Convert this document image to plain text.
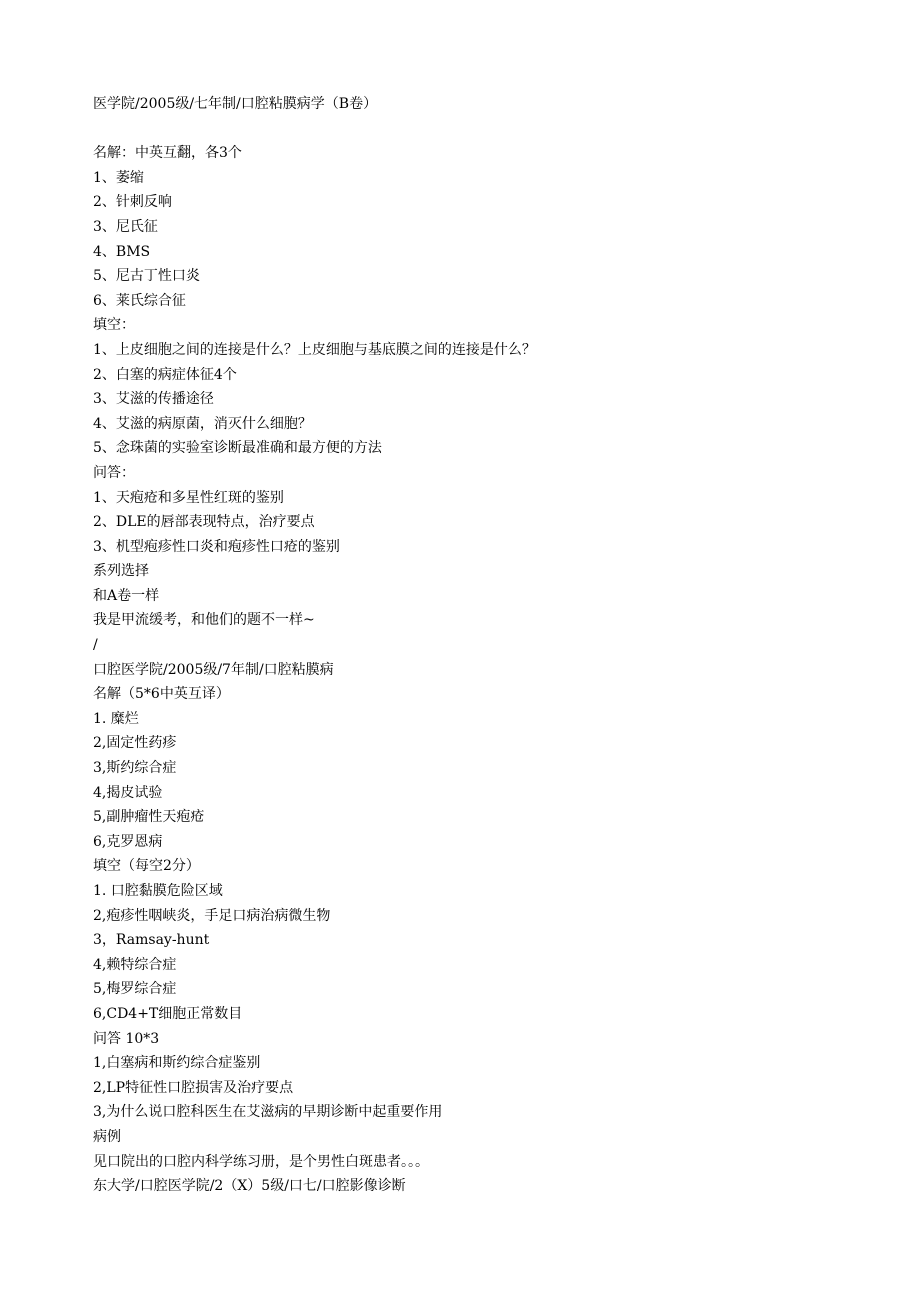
医学院/2005级/七年制/口腔粘膜病学（B卷）

名解：中英互翻，各3个

1、萎缩

2、针刺反响

3、尼氏征

4、BMS

5、尼古丁性口炎

6、莱氏综合征

填空：

1、上皮细胞之间的连接是什么？上皮细胞与基底膜之间的连接是什么？

2、白塞的病症体征4个

3、艾滋的传播途径

4、艾滋的病原菌，消灭什么细胞？

5、念珠菌的实验室诊断最准确和最方便的方法

问答：

1、天疱疮和多星性红斑的鉴别

2、DLE的唇部表现特点，治疗要点

3、机型疱疹性口炎和疱疹性口疮的鉴别

系列选择

和A卷一样

我是甲流缓考，和他们的题不一样~

/

口腔医学院/2005级/7年制/口腔粘膜病

名解（5*6中英互译）

1. 糜烂

2,固定性药疹

3,斯约综合症

4,揭皮试验

5,副肿瘤性天疱疮

6,克罗恩病

填空（每空2分）

1. 口腔黏膜危险区域

2,疱疹性咽峡炎，手足口病治病微生物

3，Ramsay-hunt

4,赖特综合症

5,梅罗综合症

6,CD4+T细胞正常数目

问答 10*3

1,白塞病和斯约综合症鉴别

2,LP特征性口腔损害及治疗要点

3,为什么说口腔科医生在艾滋病的早期诊断中起重要作用

病例

见口院出的口腔内科学练习册，是个男性白斑患者。。。

东大学/口腔医学院/2（X）5级/口七/口腔影像诊断
